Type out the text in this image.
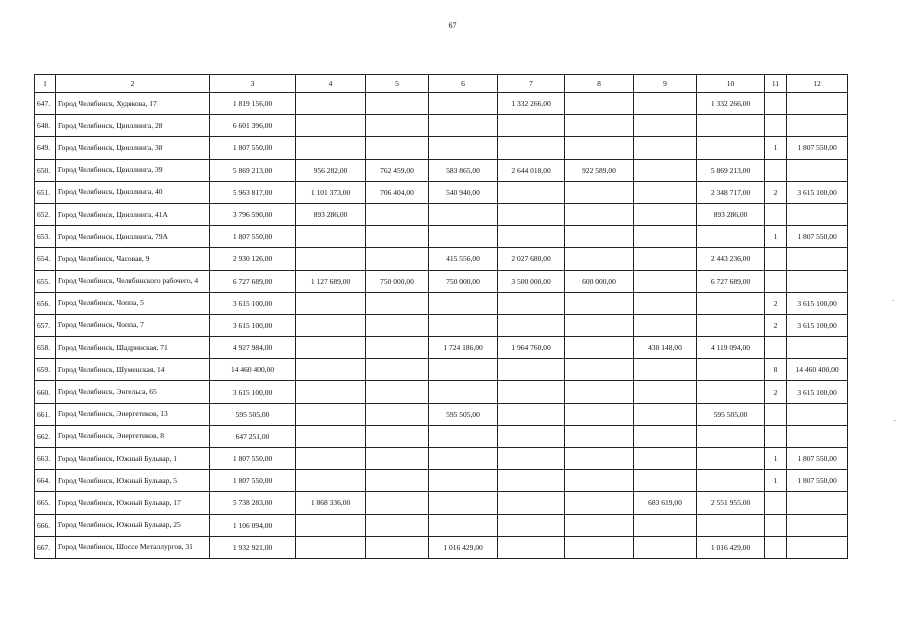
67
1	2	3	4	5	6	7	8	9	10	11	12
647.	Город Челябинск, Худякова, 17	1 819 156,00				1 332 266,00			1 332 266,00		
648.	Город Челябинск, Цвиллинга, 28	6 601 396,00									
649.	Город Челябинск, Цвиллинга, 38	1 807 550,00								1	1 807 550,00
650.	Город Челябинск, Цвиллинга, 39	5 869 213,00	956 282,00	762 459,00	583 865,00	2 644 018,00	922 589,00		5 869 213,00		
651.	Город Челябинск, Цвиллинга, 40	5 963 817,00	1 101 373,00	706 404,00	540 940,00				2 348 717,00	2	3 615 100,00
652.	Город Челябинск, Цвиллинга, 41А	3 796 590,00	893 286,00						893 286,00		
653.	Город Челябинск, Цвиллинга, 79А	1 807 550,00								1	1 807 550,00
654.	Город Челябинск, Часовая, 9	2 930 126,00			415 556,00	2 027 680,00			2 443 236,00		
655.	Город Челябинск, Челябинского рабочего, 4	6 727 689,00	1 127 689,00	750 000,00	750 000,00	3 500 000,00	600 000,00		6 727 689,00		
656.	Город Челябинск, Чоппа, 5	3 615 100,00								2	3 615 100,00
657.	Город Челябинск, Чоппа, 7	3 615 100,00								2	3 615 100,00
658.	Город Челябинск, Шадринская, 71	4 927 984,00			1 724 186,00	1 964 760,00		430 148,00	4 119 094,00		
659.	Город Челябинск, Шуменская, 14	14 460 400,00								8	14 460 400,00
660.	Город Челябинск, Энгельса, 65	3 615 100,00								2	3 615 100,00
661.	Город Челябинск, Энергетиков, 13	595 505,00			595 505,00				595 505,00		
662.	Город Челябинск, Энергетиков, 8	647 251,00									
663.	Город Челябинск, Южный Бульвар, 1	1 807 550,00								1	1 807 550,00
664.	Город Челябинск, Южный Бульвар, 5	1 807 550,00								1	1 807 550,00
665.	Город Челябинск, Южный Бульвар, 17	5 738 283,00	1 868 336,00					683 619,00	2 551 955,00		
666.	Город Челябинск, Южный Бульвар, 25	1 106 094,00									
667.	Город Челябинск, Шоссе Металлургов, 31	1 932 921,00			1 016 429,00				1 016 429,00		
